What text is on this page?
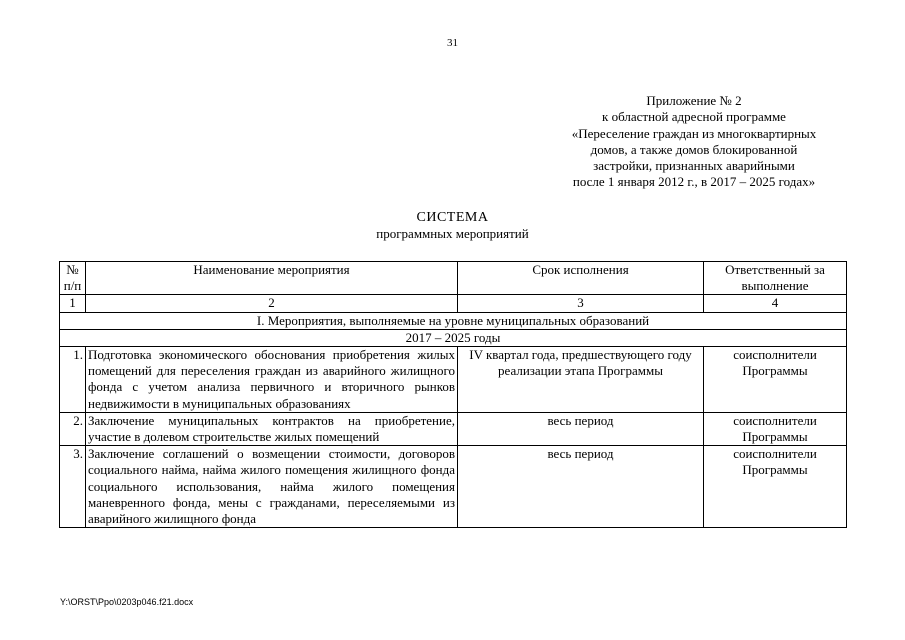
31
Приложение № 2
к областной адресной программе
«Переселение граждан из многоквартирных
домов, а также домов блокированной
застройки, признанных аварийными
после 1 января 2012 г., в 2017 – 2025 годах»
СИСТЕМА
программных мероприятий
№ п/п	Наименование мероприятия	Срок исполнения	Ответственный за выполнение
1	2	3	4
I. Мероприятия, выполняемые на уровне муниципальных образований			
2017 – 2025 годы			
1.	Подготовка экономического обоснования приобретения жилых помещений для переселения граждан из аварийного жилищного фонда с учетом анализа первичного и вторичного рынков недвижимости в муниципальных образованиях	IV квартал года, предшествующего году реализации этапа Программы	соисполнители Программы
2.	Заключение муниципальных контрактов на приобретение, участие в долевом строительстве жилых помещений	весь период	соисполнители Программы
3.	Заключение соглашений о возмещении стоимости, договоров социального найма, найма жилого помещения жилищного фонда социального использования, найма жилого помещения маневренного фонда, мены с гражданами, переселяемыми из аварийного жилищного фонда	весь период	соисполнители Программы
Y:\ORST\Ppo\0203p046.f21.docx
